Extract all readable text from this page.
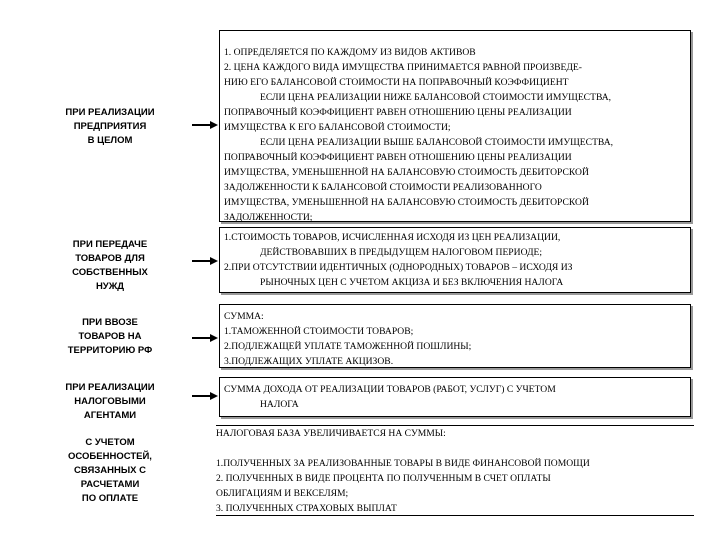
ПРИ РЕАЛИЗАЦИИ
ПРЕДПРИЯТИЯ
В ЦЕЛОМ
1. ОПРЕДЕЛЯЕТСЯ ПО КАЖДОМУ ИЗ ВИДОВ АКТИВОВ
2. ЦЕНА КАЖДОГО ВИДА ИМУЩЕСТВА ПРИНИМАЕТСЯ РАВНОЙ ПРОИЗВЕДЕ-
НИЮ ЕГО БАЛАНСОВОЙ СТОИМОСТИ НА ПОПРАВОЧНЫЙ КОЭФФИЦИЕНТ
ЕСЛИ ЦЕНА РЕАЛИЗАЦИИ НИЖЕ БАЛАНСОВОЙ СТОИМОСТИ ИМУЩЕСТВА,
ПОПРАВОЧНЫЙ КОЭФФИЦИЕНТ РАВЕН ОТНОШЕНИЮ ЦЕНЫ РЕАЛИЗАЦИИ
ИМУЩЕСТВА К ЕГО БАЛАНСОВОЙ СТОИМОСТИ;
ЕСЛИ ЦЕНА РЕАЛИЗАЦИИ ВЫШЕ БАЛАНСОВОЙ СТОИМОСТИ ИМУЩЕСТВА,
ПОПРАВОЧНЫЙ КОЭФФИЦИЕНТ РАВЕН ОТНОШЕНИЮ ЦЕНЫ РЕАЛИЗАЦИИ
ИМУЩЕСТВА, УМЕНЬШЕННОЙ НА БАЛАНСОВУЮ СТОИМОСТЬ ДЕБИТОРСКОЙ
ЗАДОЛЖЕННОСТИ К БАЛАНСОВОЙ СТОИМОСТИ РЕАЛИЗОВАННОГО
ИМУЩЕСТВА, УМЕНЬШЕННОЙ НА БАЛАНСОВУЮ СТОИМОСТЬ ДЕБИТОРСКОЙ
ЗАДОЛЖЕННОСТИ;
ПРИ ПЕРЕДАЧЕ
ТОВАРОВ ДЛЯ
СОБСТВЕННЫХ
НУЖД
1.СТОИМОСТЬ ТОВАРОВ, ИСЧИСЛЕННАЯ ИСХОДЯ ИЗ ЦЕН РЕАЛИЗАЦИИ,
ДЕЙСТВОВАВШИХ В ПРЕДЫДУЩЕМ НАЛОГОВОМ ПЕРИОДЕ;
2.ПРИ ОТСУТСТВИИ ИДЕНТИЧНЫХ (ОДНОРОДНЫХ) ТОВАРОВ – ИСХОДЯ ИЗ
РЫНОЧНЫХ ЦЕН С УЧЕТОМ АКЦИЗА И БЕЗ ВКЛЮЧЕНИЯ НАЛОГА
ПРИ ВВОЗЕ
ТОВАРОВ НА
ТЕРРИТОРИЮ РФ
СУММА:
1.ТАМОЖЕННОЙ СТОИМОСТИ ТОВАРОВ;
2.ПОДЛЕЖАЩЕЙ УПЛАТЕ ТАМОЖЕННОЙ ПОШЛИНЫ;
3.ПОДЛЕЖАЩИХ УПЛАТЕ АКЦИЗОВ.
ПРИ РЕАЛИЗАЦИИ
НАЛОГОВЫМИ
АГЕНТАМИ
СУММА ДОХОДА ОТ РЕАЛИЗАЦИИ ТОВАРОВ (РАБОТ, УСЛУГ) С УЧЕТОМ
НАЛОГА
С УЧЕТОМ
ОСОБЕННОСТЕЙ,
СВЯЗАННЫХ С
РАСЧЕТАМИ
ПО ОПЛАТЕ
НАЛОГОВАЯ БАЗА УВЕЛИЧИВАЕТСЯ НА СУММЫ:

1.ПОЛУЧЕННЫХ ЗА РЕАЛИЗОВАННЫЕ ТОВАРЫ В ВИДЕ ФИНАНСОВОЙ ПОМОЩИ
2. ПОЛУЧЕННЫХ В ВИДЕ ПРОЦЕНТА ПО ПОЛУЧЕННЫМ В СЧЕТ ОПЛАТЫ
ОБЛИГАЦИЯМ И ВЕКСЕЛЯМ;
3. ПОЛУЧЕННЫХ СТРАХОВЫХ ВЫПЛАТ
